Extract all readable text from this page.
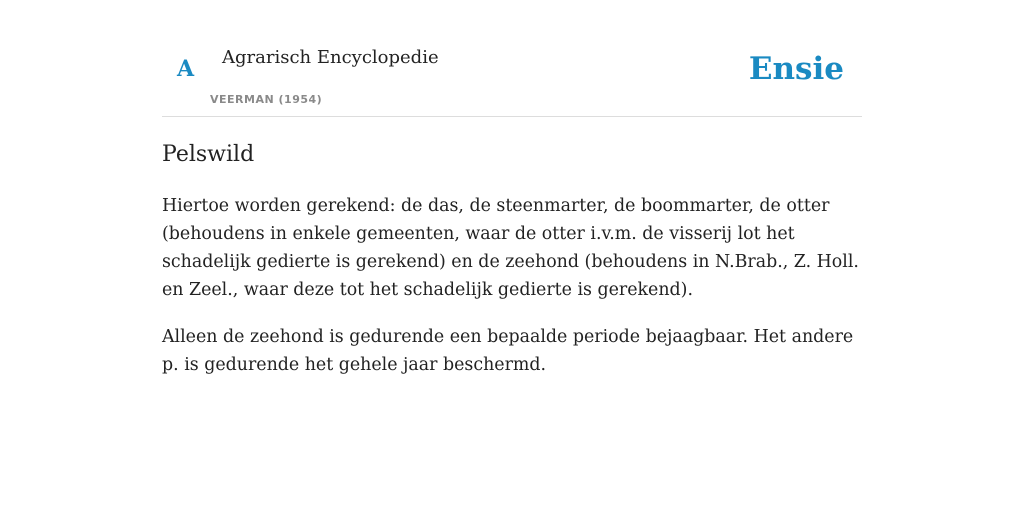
A Agrarisch Encyclopedie
VEERMAN (1954)
Ensie
Pelswild

Hiertoe worden gerekend: de das, de steenmarter, de boommarter, de otter (behoudens in enkele gemeenten, waar de otter i.v.m. de visserij lot het schadelijk gedierte is gerekend) en de zeehond (behoudens in N.Brab., Z. Holl. en Zeel., waar deze tot het schadelijk gedierte is gerekend).

Alleen de zeehond is gedurende een bepaalde periode bejaagbaar. Het andere p. is gedurende het gehele jaar beschermd.
